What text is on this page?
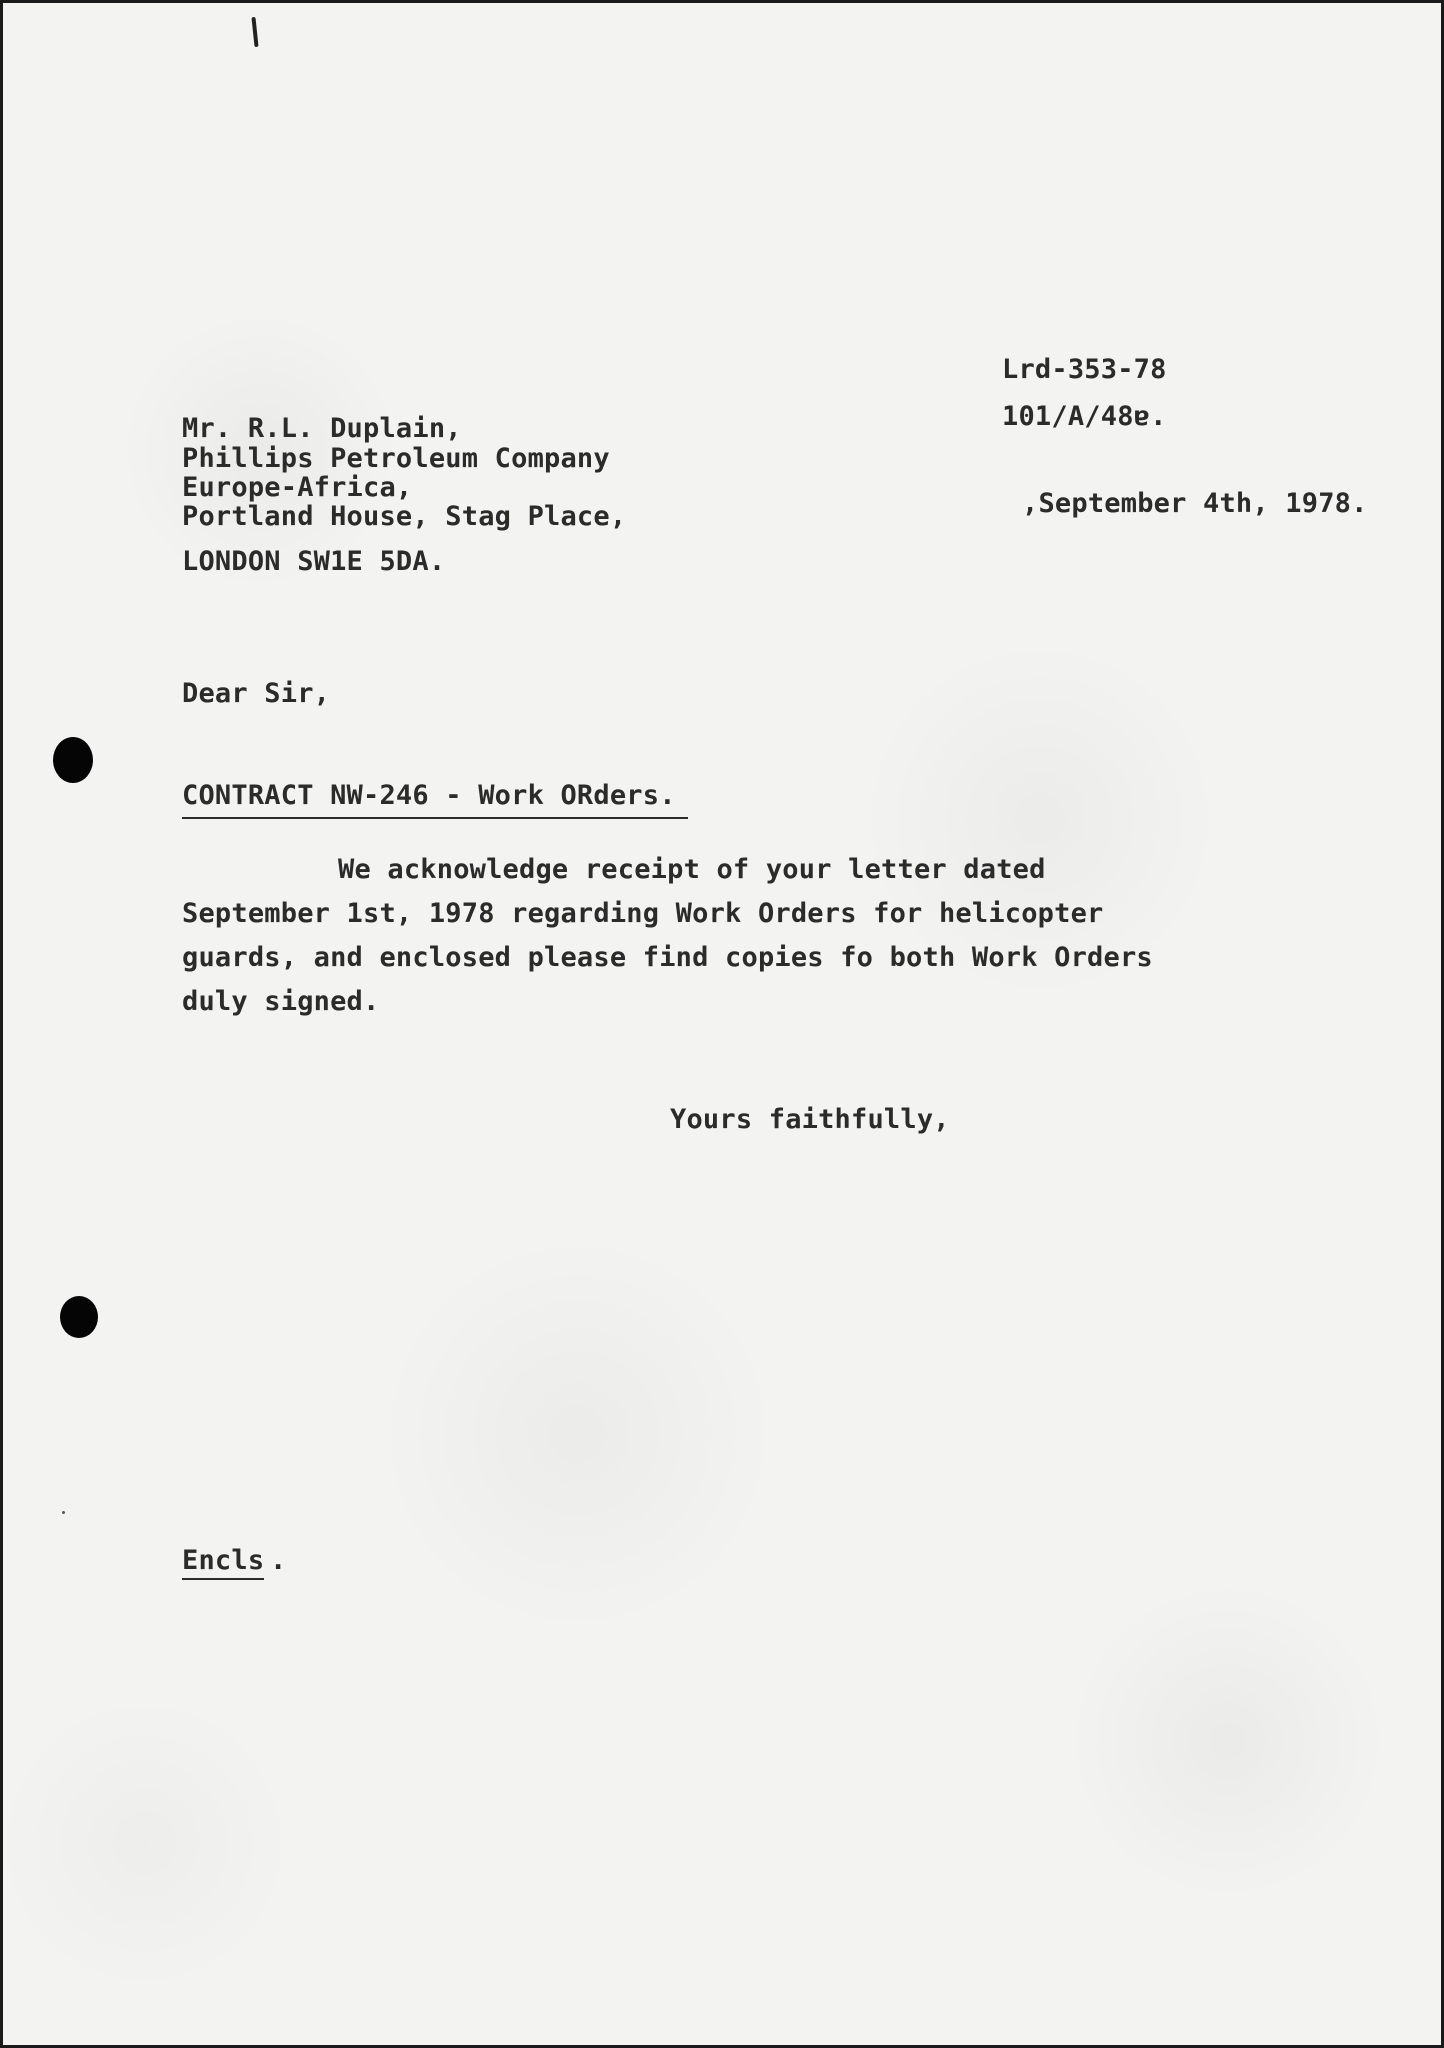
Lrd-353-78

101/A/48ɐ.

Mr. R.L. Duplain,

Phillips Petroleum Company

Europe-Africa,

Portland House, Stag Place,

LONDON SW1E 5DA.

,September 4th, 1978.

Dear Sir,

CONTRACT NW-246 - Work ORders.

We acknowledge receipt of your letter dated

September 1st, 1978 regarding Work Orders for helicopter

guards, and enclosed please find copies fo both Work Orders

duly signed.

Yours faithfully,

Encls .
